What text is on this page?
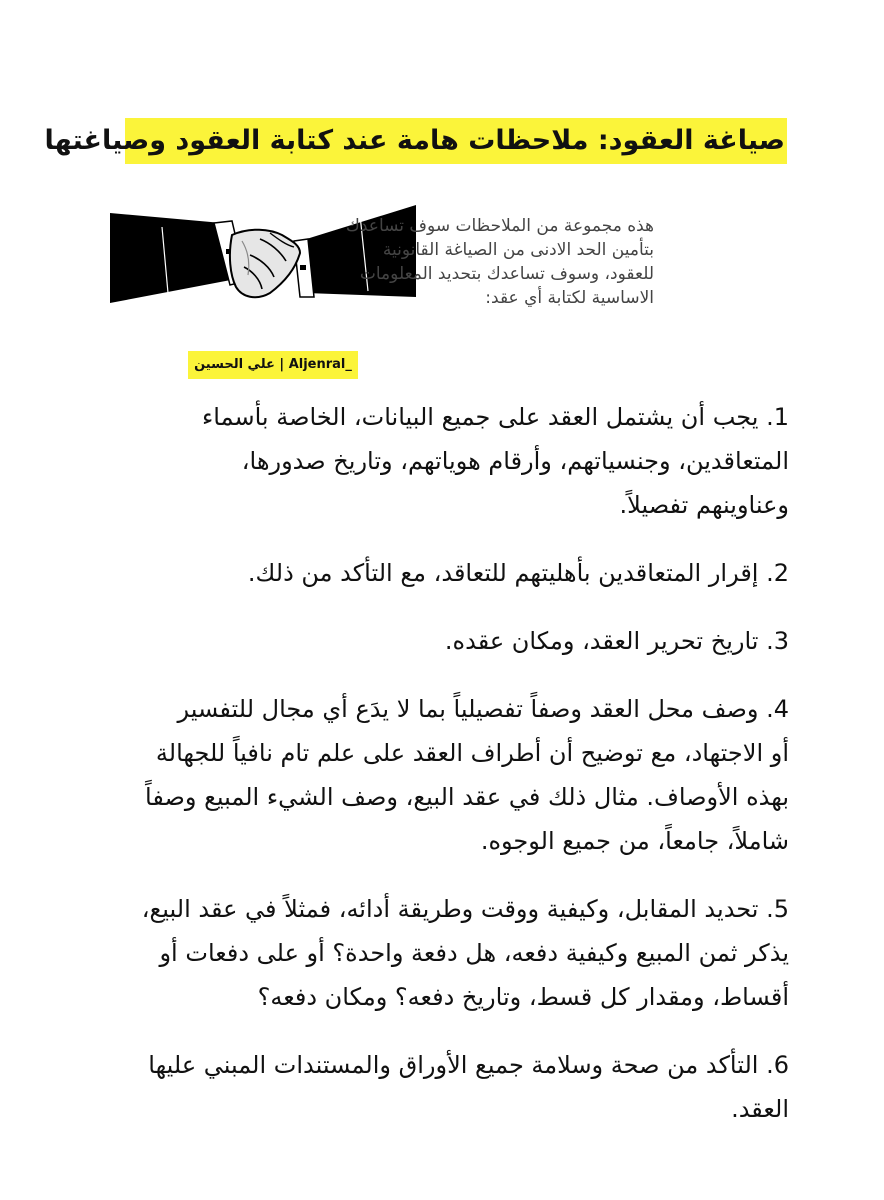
صياغة العقود: ملاحظات هامة عند كتابة العقود وصياغتها
هذه مجموعة من الملاحظات سوف تساعدك
بتأمين الحد الادنى من الصياغة القانونية
للعقود، وسوف تساعدك بتحديد المعلومات
الاساسية لكتابة أي عقد:
علي الحسين | Aljenral_

1. يجب أن يشتمل العقد على جميع البيانات، الخاصة بأسماء
المتعاقدين، وجنسياتهم، وأرقام هوياتهم، وتاريخ صدورها،
وعناوينهم تفصيلاً.

2. إقرار المتعاقدين بأهليتهم للتعاقد، مع التأكد من ذلك.

3. تاريخ تحرير العقد، ومكان عقده.

4. وصف محل العقد وصفاً تفصيلياً بما لا يدَع أي مجال للتفسير
أو الاجتهاد، مع توضيح أن أطراف العقد على علم تام نافياً للجهالة
بهذه الأوصاف. مثال ذلك في عقد البيع، وصف الشيء المبيع وصفاً
شاملاً، جامعاً، من جميع الوجوه.

5. تحديد المقابل، وكيفية ووقت وطريقة أدائه، فمثلاً في عقد البيع،
يذكر ثمن المبيع وكيفية دفعه، هل دفعة واحدة؟ أو على دفعات أو
أقساط، ومقدار كل قسط، وتاريخ دفعه؟ ومكان دفعه؟

6. التأكد من صحة وسلامة جميع الأوراق والمستندات المبني عليها
العقد.
